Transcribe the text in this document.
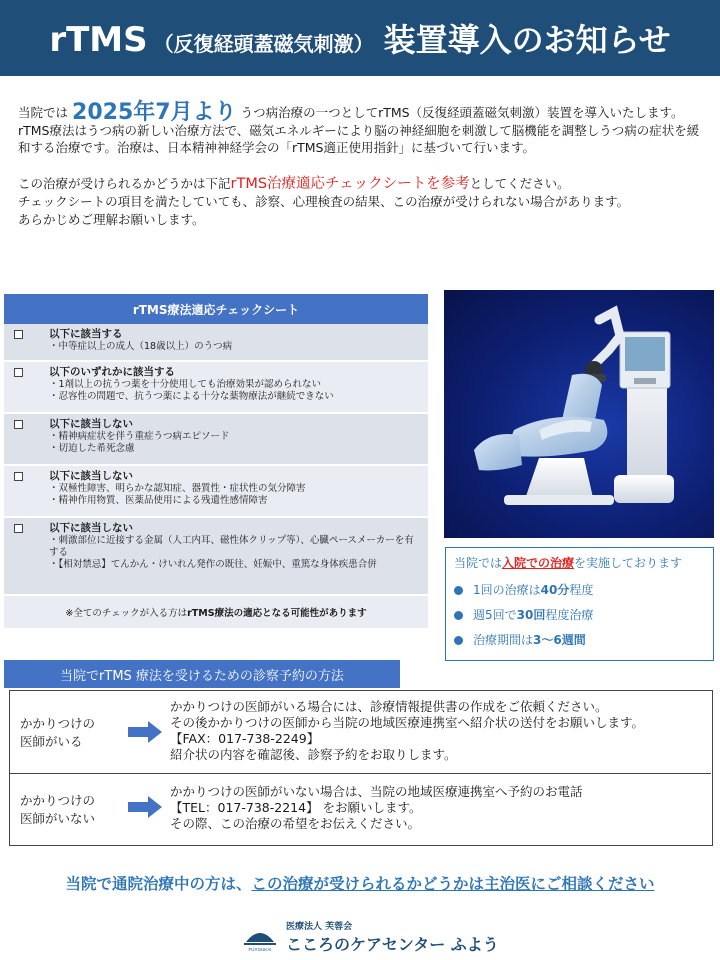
rTMS （反復経頭蓋磁気刺激） 装置導入のお知らせ

当院では 2025年7月より うつ病治療の一つとしてrTMS（反復経頭蓋磁気刺激）装置を導入いたします。

rTMS療法はうつ病の新しい治療方法で、磁気エネルギーにより脳の神経細胞を刺激して脳機能を調整しうつ病の症状を緩和する治療です。治療は、日本精神神経学会の「rTMS適正使用指針」に基づいて行います。

この治療が受けられるかどうかは下記rTMS治療適応チェックシートを参考としてください。

チェックシートの項目を満たしていても、診察、心理検査の結果、この治療が受けられない場合があります。

あらかじめご理解お願いします。

rTMS療法適応チェックシート
以下に該当する
・中等症以上の成人（18歳以上）のうつ病
以下のいずれかに該当する
・1剤以上の抗うつ薬を十分使用しても治療効果が認められない
・忍容性の問題で、抗うつ薬による十分な薬物療法が継続できない
以下に該当しない
・精神病症状を伴う重症うつ病エピソード
・切迫した希死念慮
以下に該当しない
・双極性障害、明らかな認知症、器質性・症状性の気分障害
・精神作用物質、医薬品使用による残遺性感情障害
以下に該当しない
・刺激部位に近接する金属（人工内耳、磁性体クリップ等）、心臓ペースメーカーを有する
・【相対禁忌】てんかん・けいれん発作の既往、妊娠中、重篤な身体疾患合併
※全てのチェックが入る方は rTMS療法の適応となる可能性があります
当院では入院での治療を実施しております
1回の治療は 40分 程度
週5回で 30回 程度治療
治療期間は 3〜6週間
当院でrTMS 療法を受けるための診察予約の方法
かかりつけの
医師がいる
かかりつけの医師がいる場合には、診療情報提供書の作成をご依頼ください。
その後かかりつけの医師から当院の地域医療連携室へ紹介状の送付をお願いします。
【FAX：017-738-2249】
紹介状の内容を確認後、診察予約をお取りします。
かかりつけの
医師がいない
かかりつけの医師がいない場合は、当院の地域医療連携室へ予約のお電話
【TEL：017-738-2214】 をお願いします。
その際、この治療の希望をお伝えください。
当院で通院治療中の方は、この治療が受けられるかどうかは主治医にご相談ください
FUYOUKAI
医療法人 芙蓉会
こころのケアセンター ふよう
